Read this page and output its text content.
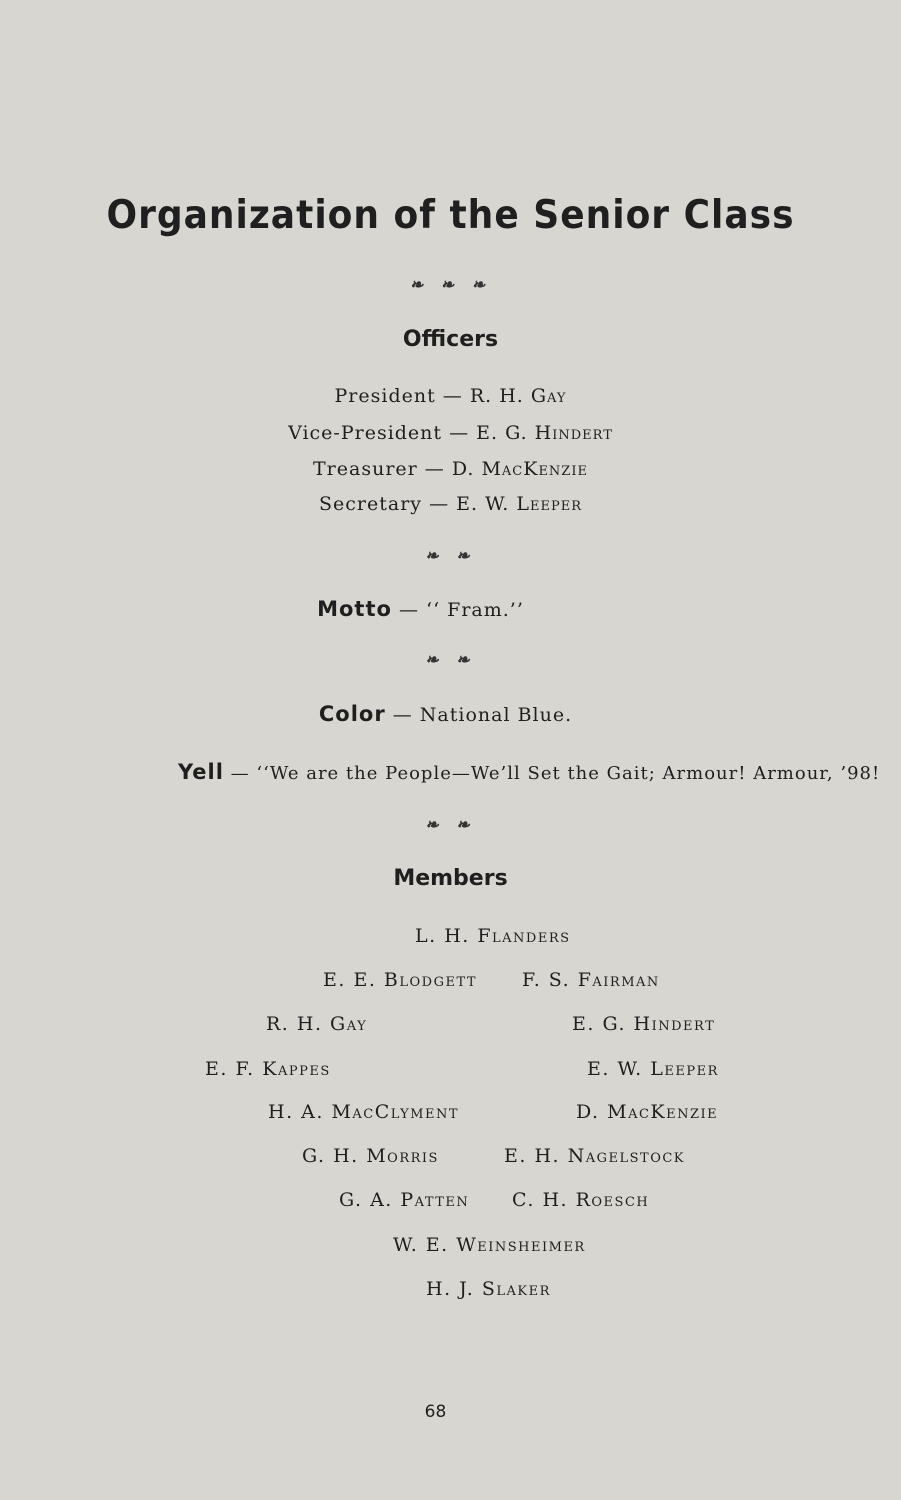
Organization of the Senior Class
❧ ❧ ❧
Officers
President — R. H. Gay
Vice-President — E. G. Hindert
Treasurer — D. MacKenzie
Secretary — E. W. Leeper
❧ ❧
Motto — ‘‘ Fram.’’
❧ ❧
Color — National Blue.
Yell — ‘‘We are the People—We’ll Set the Gait; Armour! Armour, ’98!
❧ ❧
Members
L. H. Flanders
E. E. Blodgett F. S. Fairman
R. H. Gay	E. G. Hindert
E. F. Kappes	E. W. Leeper
H. A. MacClyment	D. MacKenzie
G. H. Morris	E. H. Nagelstock
G. A. Patten C. H. Roesch
W. E. Weinsheimer
H. J. Slaker
68
